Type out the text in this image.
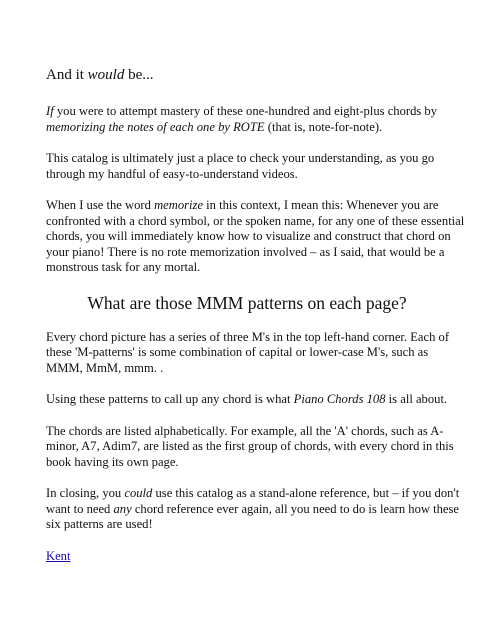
And it would be...

If you were to attempt mastery of these one-hundred and eight-plus chords by memorizing the notes of each one by ROTE (that is, note-for-note).

This catalog is ultimately just a place to check your understanding, as you go through my handful of easy-to-understand videos.

When I use the word memorize in this context, I mean this: Whenever you are confronted with a chord symbol, or the spoken name, for any one of these essential chords, you will immediately know how to visualize and construct that chord on your piano! There is no rote memorization involved – as I said, that would be a monstrous task for any mortal.

What are those MMM patterns on each page?

Every chord picture has a series of three M's in the top left-hand corner. Each of these 'M-patterns' is some combination of capital or lower-case M's, such as MMM, MmM, mmm. .

Using these patterns to call up any chord is what Piano Chords 108 is all about.

The chords are listed alphabetically. For example, all the 'A' chords, such as A-minor, A7, Adim7, are listed as the first group of chords, with every chord in this book having its own page.

In closing, you could use this catalog as a stand-alone reference, but – if you don't want to need any chord reference ever again, all you need to do is learn how these six patterns are used!

Kent
